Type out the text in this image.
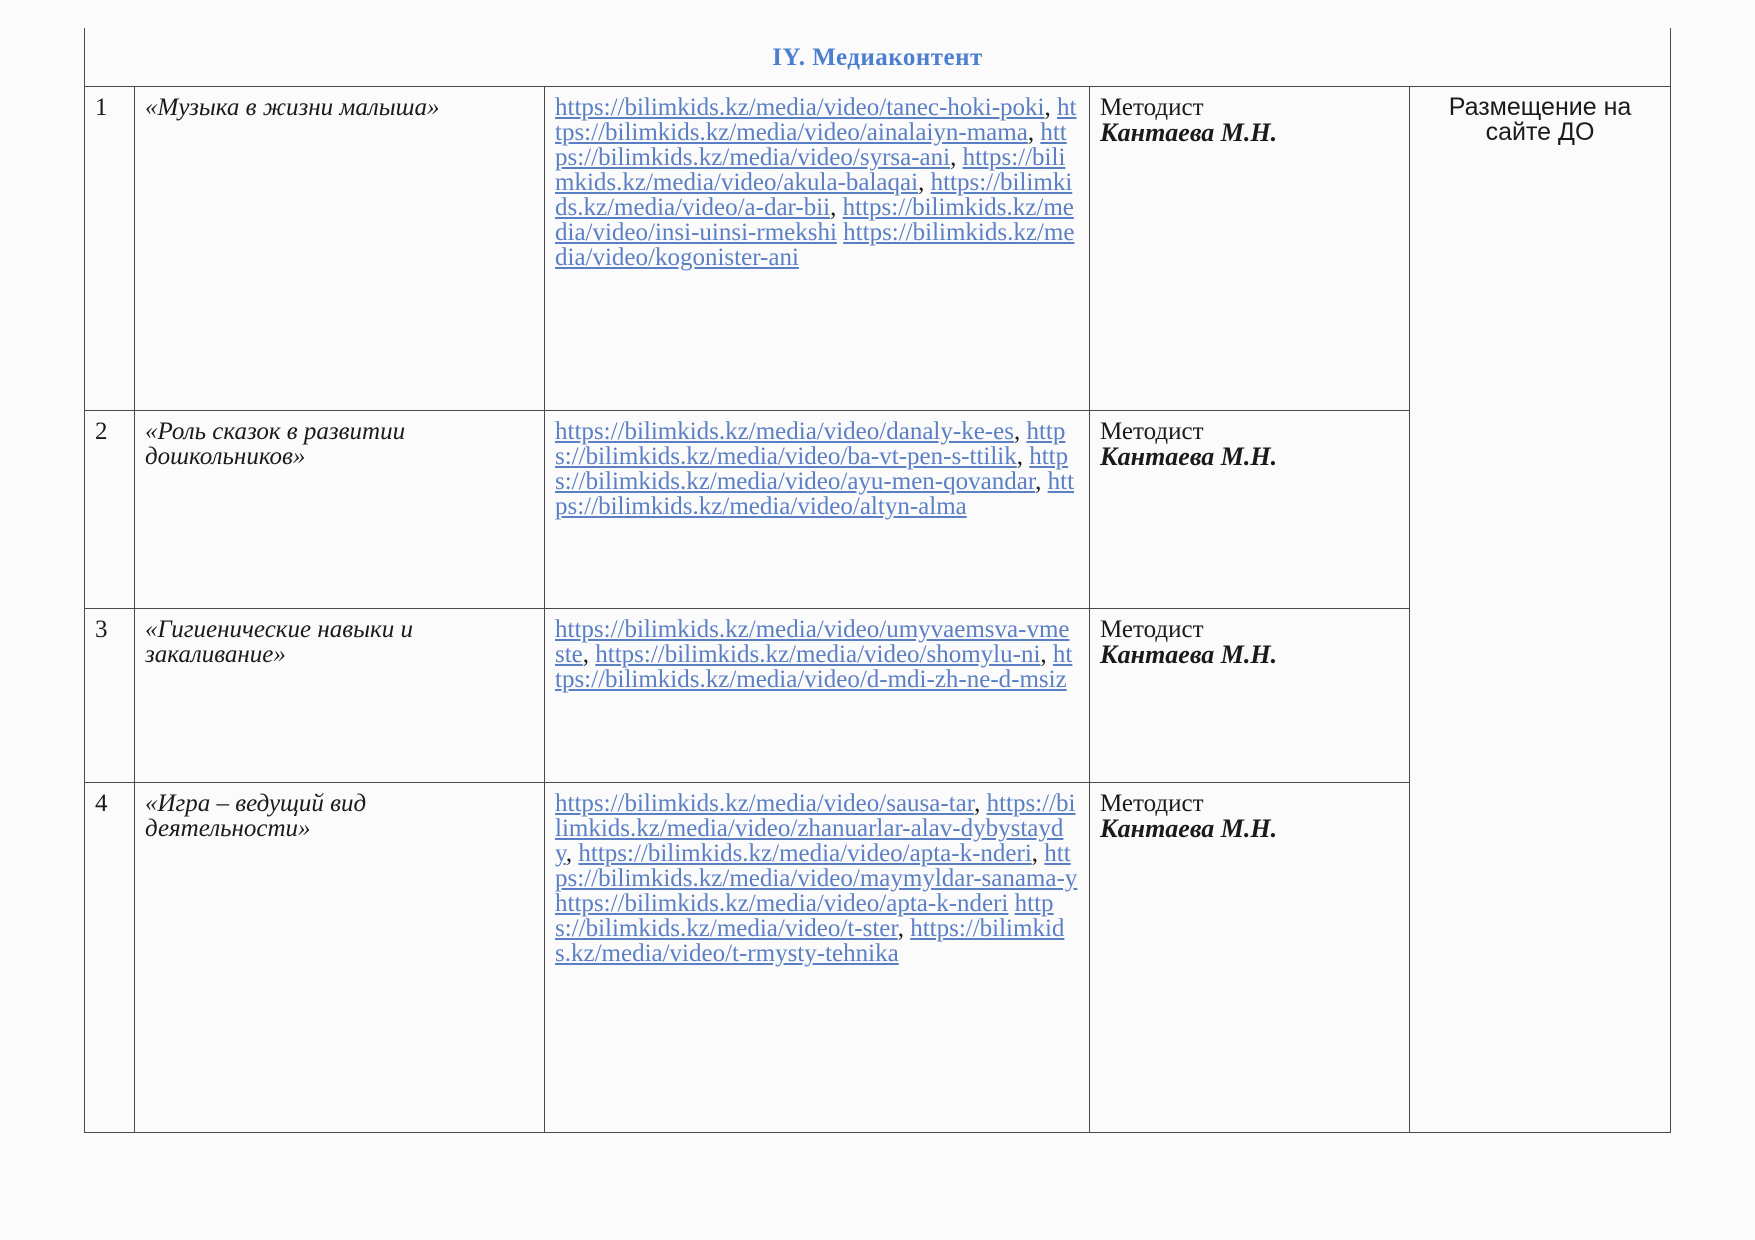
IY. Медиаконтент				
1	«Музыка в жизни малыша»	https://bilimkids.kz/media/video/tanec-hoki-poki, https://bilimkids.kz/media/video/ainalaiyn-mama, https://bilimkids.kz/media/video/syrsa-ani, https://bilimkids.kz/media/video/akula-balaqai, https://bilimkids.kz/media/video/a-dar-bii, https://bilimkids.kz/media/video/insi-uinsi-rmekshi https://bilimkids.kz/media/video/kogonister-ani	Методист
Кантаева М.Н.	Размещение на
сайте ДО

2	«Роль сказок в развитии дошкольников»	https://bilimkids.kz/media/video/danaly-ke-es, https://bilimkids.kz/media/video/ba-vt-pen-s-ttilik, https://bilimkids.kz/media/video/ayu-men-qovandar, https://bilimkids.kz/media/video/altyn-alma	Методист
Кантаева М.Н.	

3	«Гигиенические навыки и закаливание»	https://bilimkids.kz/media/video/umyvaemsva-vmeste, https://bilimkids.kz/media/video/shomylu-ni, https://bilimkids.kz/media/video/d-mdi-zh-ne-d-msiz	Методист
Кантаева М.Н.	

4	«Игра – ведущий вид деятельности»	https://bilimkids.kz/media/video/sausa-tar, https://bilimkids.kz/media/video/zhanuarlar-alav-dybystaydy, https://bilimkids.kz/media/video/apta-k-nderi, https://bilimkids.kz/media/video/maymyldar-sanama-y https://bilimkids.kz/media/video/apta-k-nderi https://bilimkids.kz/media/video/t-ster, https://bilimkids.kz/media/video/t-rmysty-tehnika	Методист
Кантаева М.Н.	
